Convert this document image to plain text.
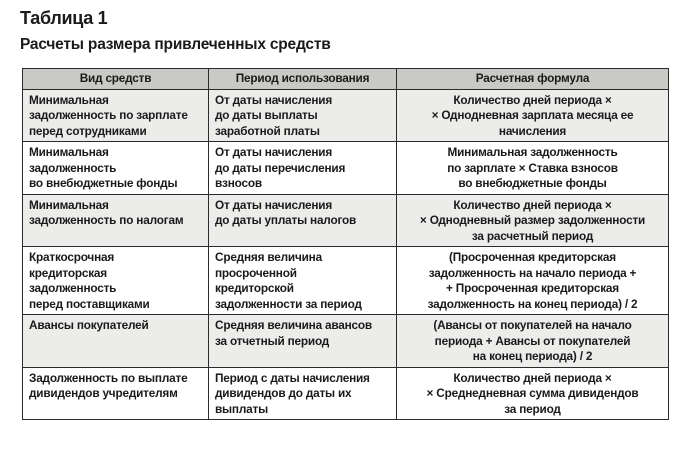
Таблица 1
Расчеты размера привлеченных средств
Вид средств	Период использования	Расчетная формула

Минимальная
задолженность по зарплате
перед сотрудниками	От даты начисления
до даты выплаты
заработной платы	Количество дней периода ×
× Однодневная зарплата месяца ее
начисления

Минимальная
задолженность
во внебюджетные фонды	От даты начисления
до даты перечисления
взносов	Минимальная задолженность
по зарплате × Ставка взносов
во внебюджетные фонды

Минимальная
задолженность по налогам	От даты начисления
до даты уплаты налогов	Количество дней периода ×
× Однодневный размер задолженности
за расчетный период

Краткосрочная
кредиторская
задолженность
перед поставщиками	Средняя величина
просроченной
кредиторской
задолженности за период	(Просроченная кредиторская
задолженность на начало периода +
+ Просроченная кредиторская
задолженность на конец периода) / 2

Авансы покупателей	Средняя величина авансов
за отчетный период	(Авансы от покупателей на начало
периода + Авансы от покупателей
на конец периода) / 2

Задолженность по выплате
дивидендов учредителям	Период с даты начисления
дивидендов до даты их
выплаты	Количество дней периода ×
× Среднедневная сумма дивидендов
за период
